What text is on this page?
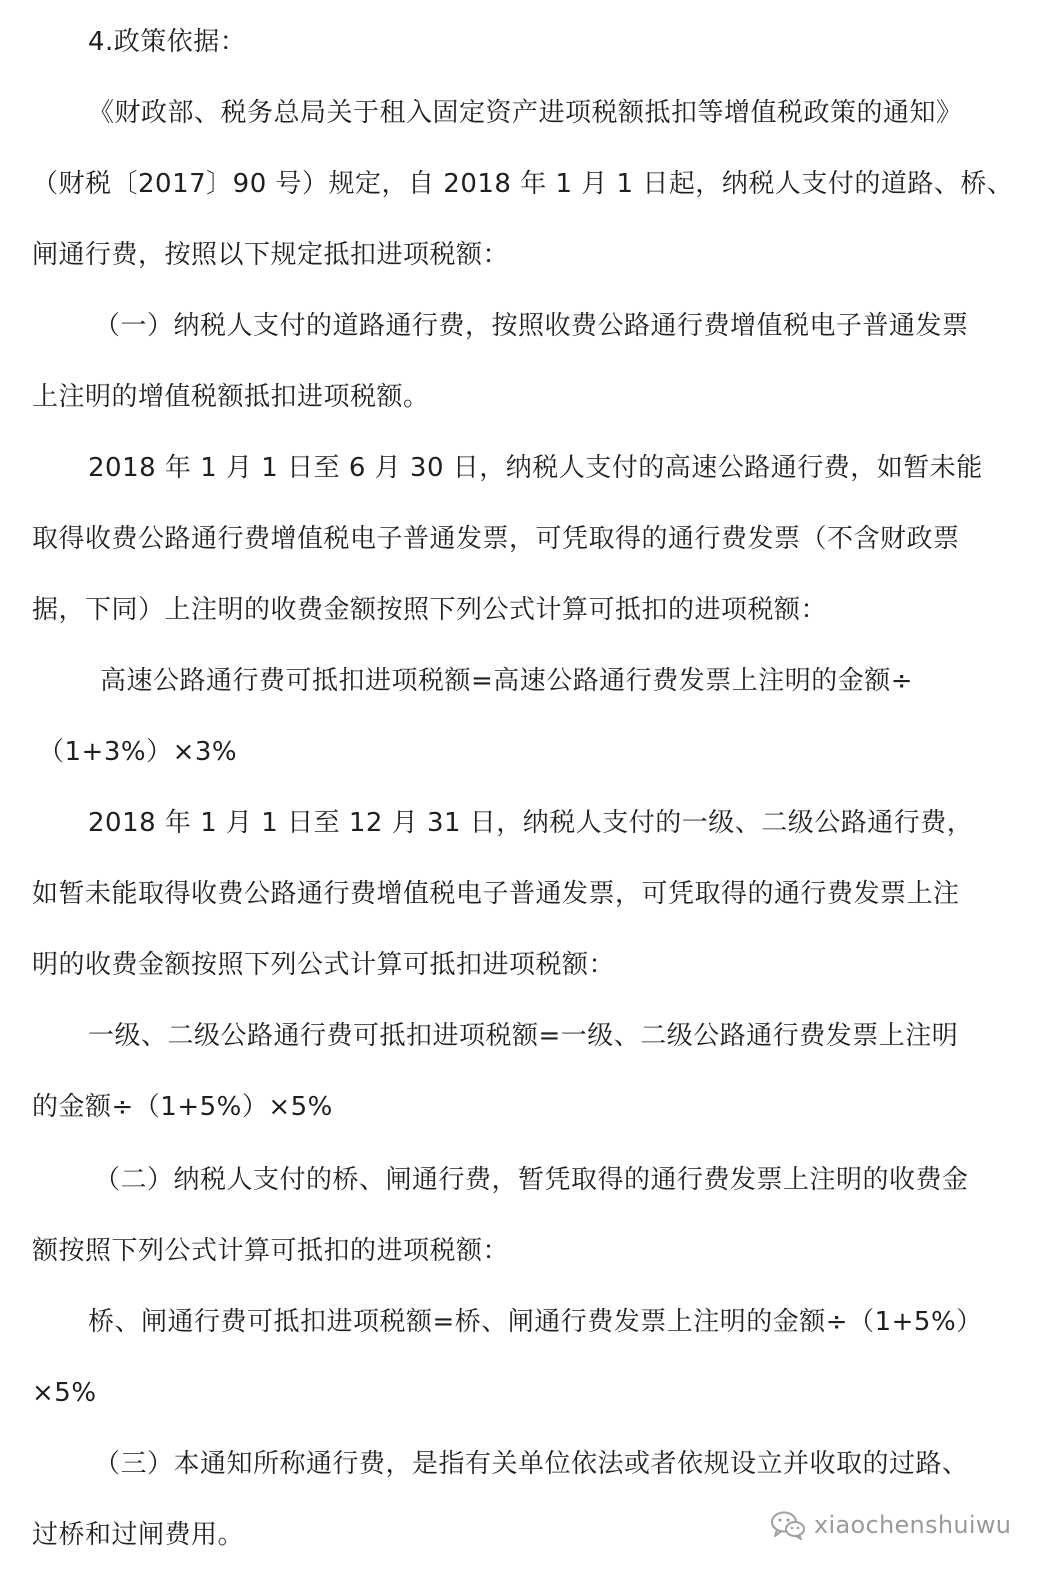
4.政策依据：
《财政部、税务总局关于租入固定资产进项税额抵扣等增值税政策的通知》
（财税〔2017〕90 号）规定，自 2018 年 1 月 1 日起，纳税人支付的道路、桥、
闸通行费，按照以下规定抵扣进项税额：
（一）纳税人支付的道路通行费，按照收费公路通行费增值税电子普通发票
上注明的增值税额抵扣进项税额。
2018 年 1 月 1 日至 6 月 30 日，纳税人支付的高速公路通行费，如暂未能
取得收费公路通行费增值税电子普通发票，可凭取得的通行费发票（不含财政票
据，下同）上注明的收费金额按照下列公式计算可抵扣的进项税额：
高速公路通行费可抵扣进项税额=高速公路通行费发票上注明的金额÷
（1+3%）×3%
2018 年 1 月 1 日至 12 月 31 日，纳税人支付的一级、二级公路通行费，
如暂未能取得收费公路通行费增值税电子普通发票，可凭取得的通行费发票上注
明的收费金额按照下列公式计算可抵扣进项税额：
一级、二级公路通行费可抵扣进项税额=一级、二级公路通行费发票上注明
的金额÷（1+5%）×5%
（二）纳税人支付的桥、闸通行费，暂凭取得的通行费发票上注明的收费金
额按照下列公式计算可抵扣的进项税额：
桥、闸通行费可抵扣进项税额=桥、闸通行费发票上注明的金额÷（1+5%）
×5%
（三）本通知所称通行费，是指有关单位依法或者依规设立并收取的过路、
过桥和过闸费用。	xiaochenshuiwu
